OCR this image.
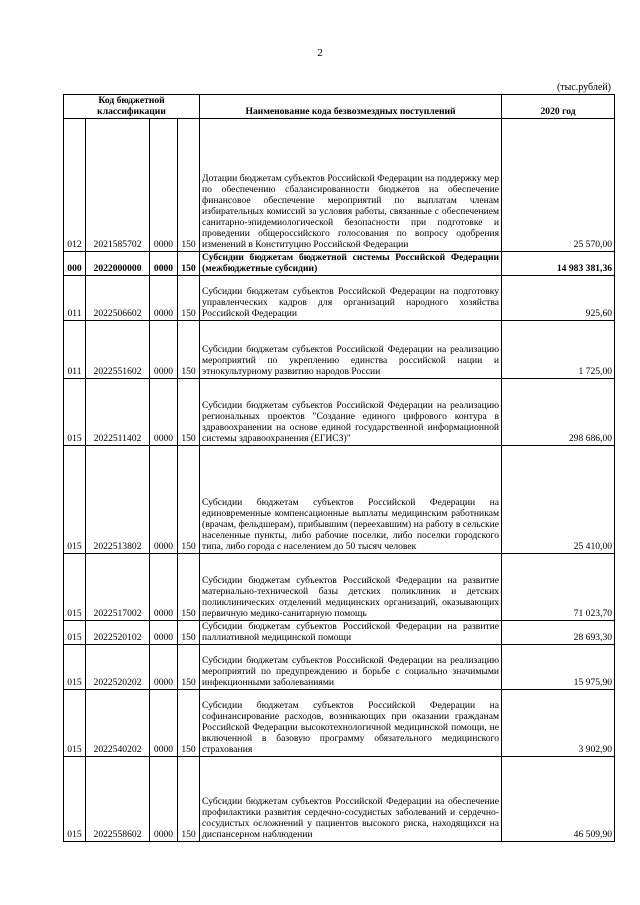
2
(тыс.рублей)
Код бюджетной классификации				Наименование кода безвозмездных поступлений	2020 год
012	2021585702	0000	150	Дотации бюджетам субъектов Российской Федерации на поддержку мер по обеспечению сбалансированности бюджетов на обеспечение финансовое обеспечение мероприятий по выплатам членам избирательных комиссий за условия работы, связанные с обеспечением санитарно-эпидемиологической безопасности при подготовке и проведении общероссийского голосования по вопросу одобрения изменений в Конституцию Российской Федерации	25 570,00
000	2022000000	0000	150	Субсидии бюджетам бюджетной системы Российской Федерации (межбюджетные субсидии)	14 983 381,36
011	2022506602	0000	150	Субсидии бюджетам субъектов Российской Федерации на подготовку управленческих кадров для организаций народного хозяйства Российской Федерации	925,60
011	2022551602	0000	150	Субсидии бюджетам субъектов Российской Федерации на реализацию мероприятий по укреплению единства российской нации и этнокультурному развитию народов России	1 725,00
015	2022511402	0000	150	Субсидии бюджетам субъектов Российской Федерации на реализацию региональных проектов "Создание единого цифрового контура в здравоохранении на основе единой государственной информационной системы здравоохранения (ЕГИСЗ)"	298 686,00
015	2022513802	0000	150	Субсидии бюджетам субъектов Российской Федерации на единовременные компенсационные выплаты медицинским работникам (врачам, фельдшерам), прибывшим (переехавшим) на работу в сельские населенные пункты, либо рабочие поселки, либо поселки городского типа, либо города с населением до 50 тысяч человек	25 410,00
015	2022517002	0000	150	Субсидии бюджетам субъектов Российской Федерации на развитие материально-технической базы детских поликлиник и детских поликлинических отделений медицинских организаций, оказывающих первичную медико-санитарную помощь	71 023,70
015	2022520102	0000	150	Субсидии бюджетам субъектов Российской Федерации на развитие паллиативной медицинской помощи	28 693,30
015	2022520202	0000	150	Субсидии бюджетам субъектов Российской Федерации на реализацию мероприятий по предупреждению и борьбе с социально значимыми инфекционными заболеваниями	15 975,90
015	2022540202	0000	150	Субсидии бюджетам субъектов Российской Федерации на софинансирование расходов, возникающих при оказании гражданам Российской Федерации высокотехнологичной медицинской помощи, не включенной в базовую программу обязательного медицинского страхования	3 902,90
015	2022558602	0000	150	Субсидии бюджетам субъектов Российской Федерации на обеспечение профилактики развития сердечно-сосудистых заболеваний и сердечно-сосудистых осложнений у пациентов высокого риска, находящихся на диспансерном наблюдении	46 509,90
